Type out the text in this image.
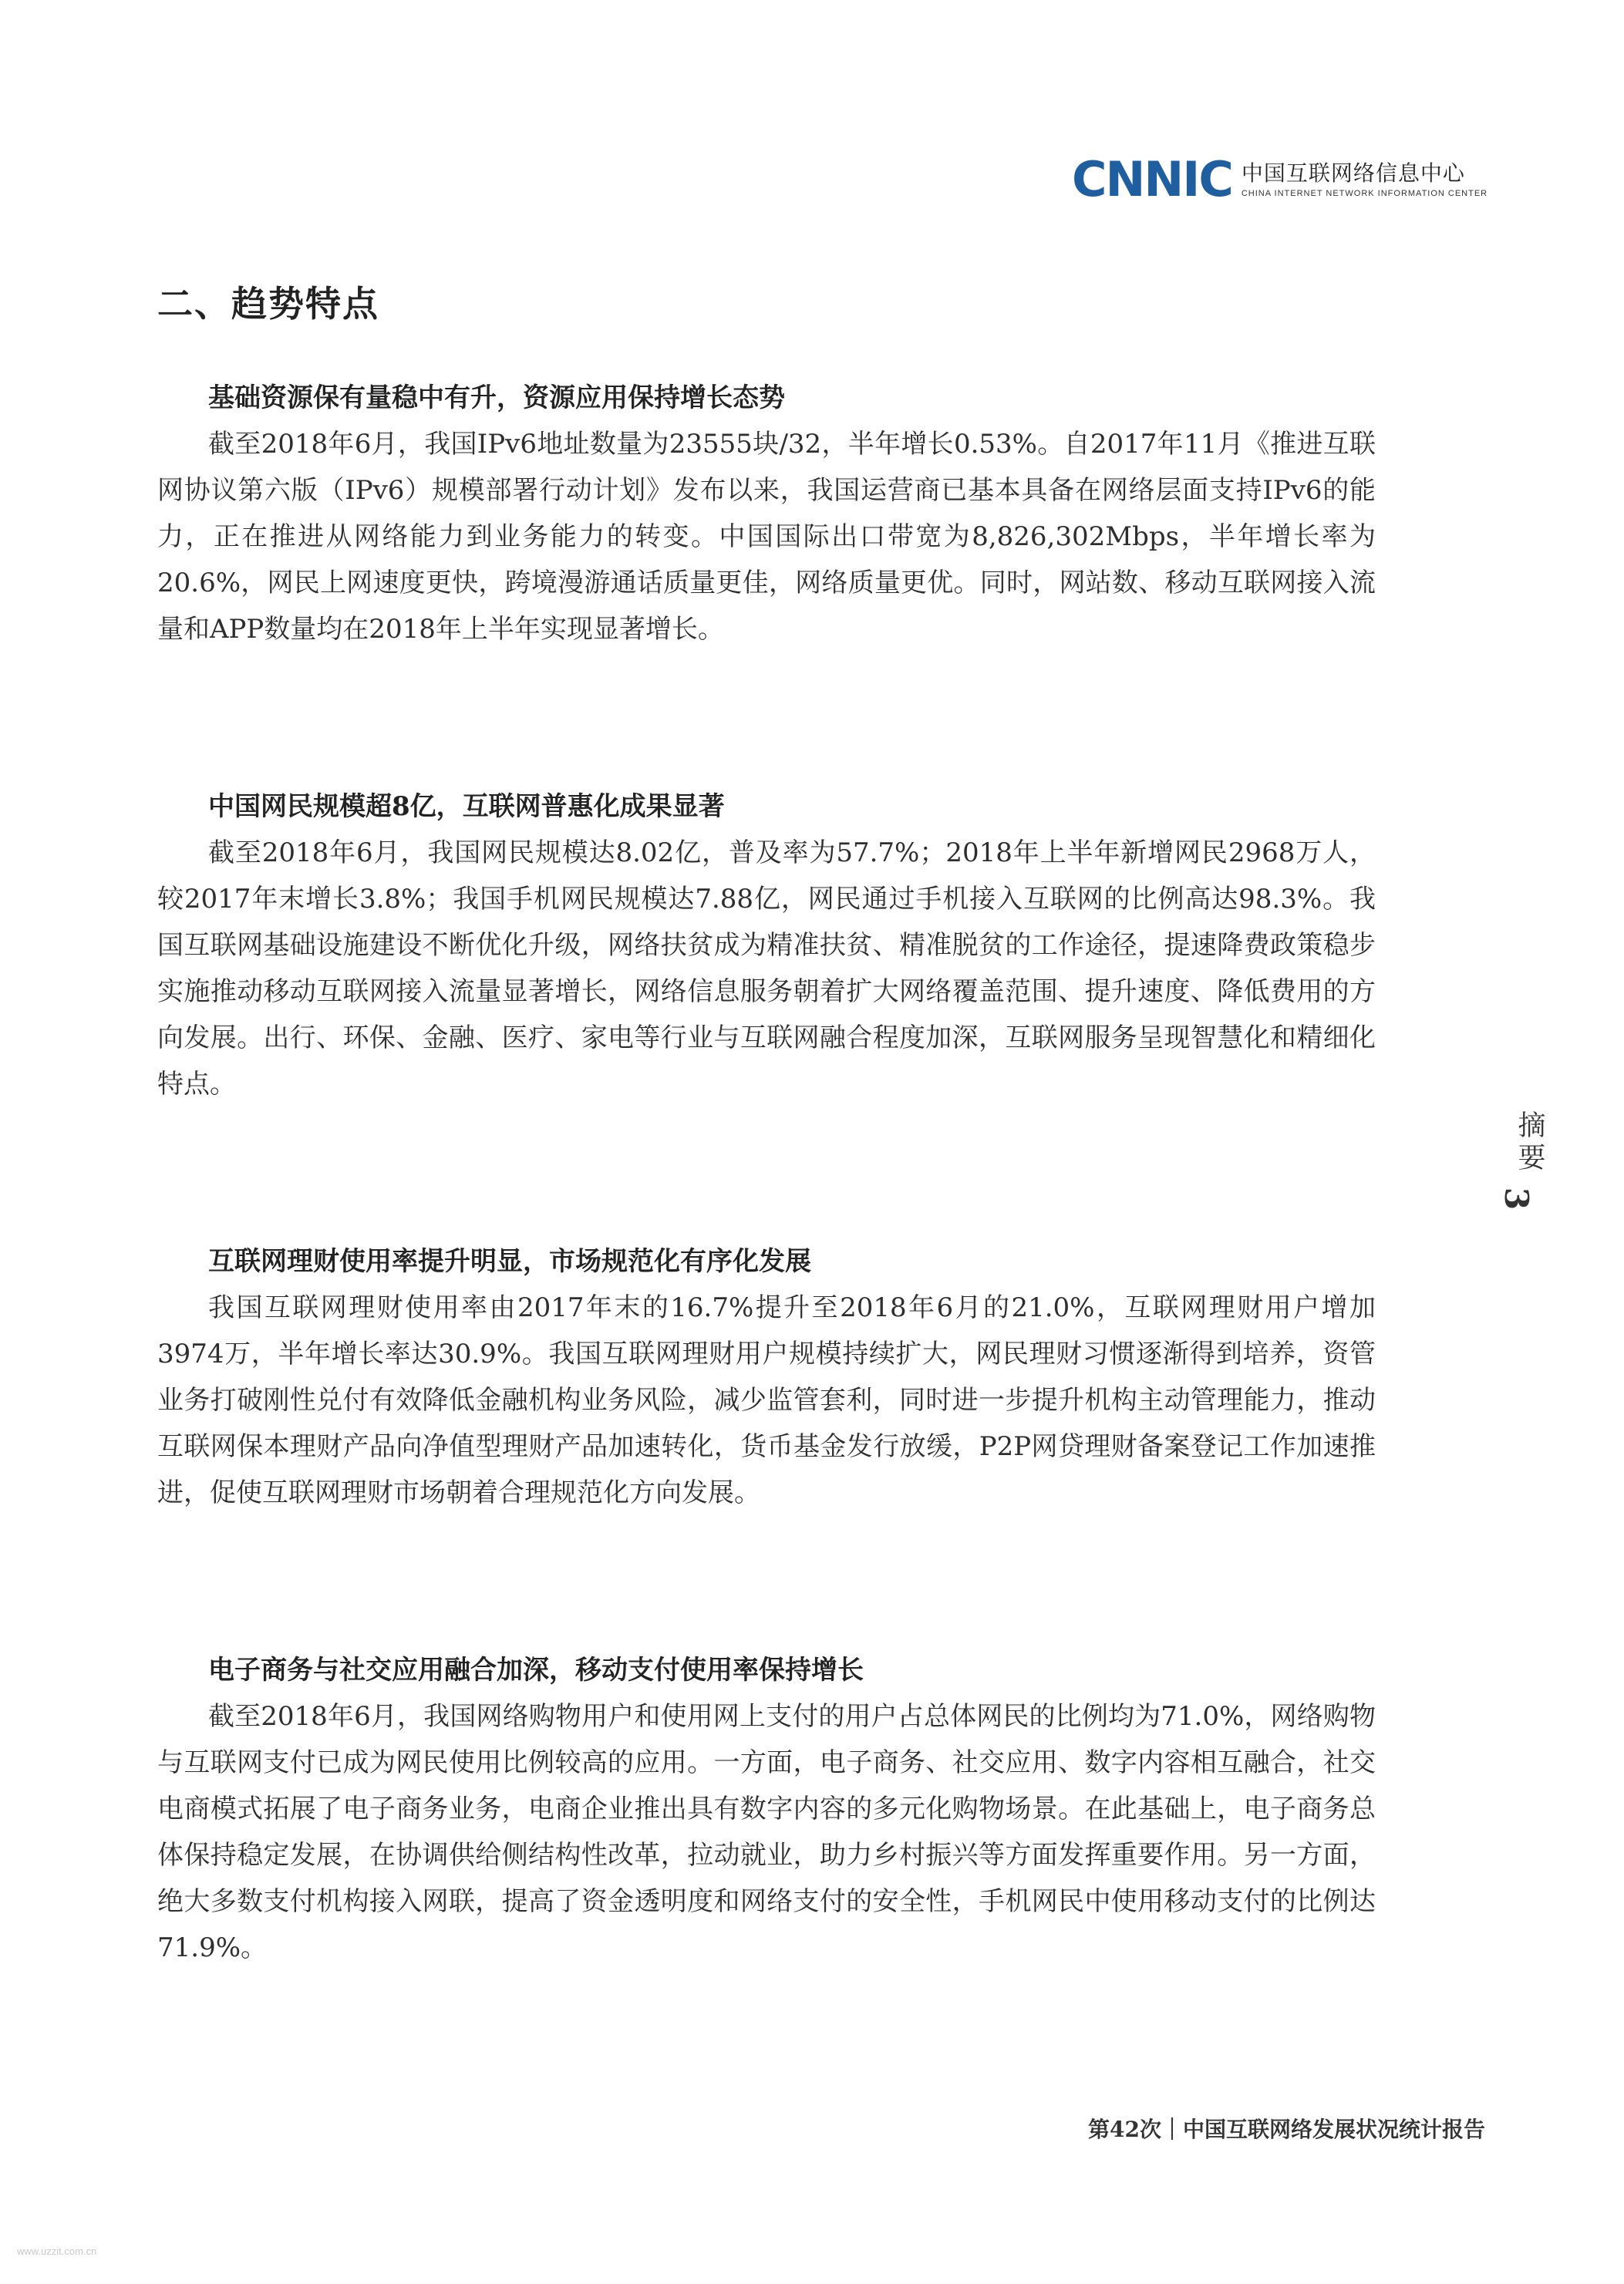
CNNIC 中国互联网络信息中心
CHINA INTERNET NETWORK INFORMATION CENTER
二、趋势特点

基础资源保有量稳中有升，资源应用保持增长态势

截至2018年6月，我国IPv6地址数量为23555块/32，半年增长0.53%。自2017年11月《推进互联网协议第六版（IPv6）规模部署行动计划》发布以来，我国运营商已基本具备在网络层面支持IPv6的能力，正在推进从网络能力到业务能力的转变。中国国际出口带宽为8,826,302Mbps，半年增长率为20.6%，网民上网速度更快，跨境漫游通话质量更佳，网络质量更优。同时，网站数、移动互联网接入流量和APP数量均在2018年上半年实现显著增长。

中国网民规模超8亿，互联网普惠化成果显著

截至2018年6月，我国网民规模达8.02亿，普及率为57.7%；2018年上半年新增网民2968万人，较2017年末增长3.8%；我国手机网民规模达7.88亿，网民通过手机接入互联网的比例高达98.3%。我国互联网基础设施建设不断优化升级，网络扶贫成为精准扶贫、精准脱贫的工作途径，提速降费政策稳步实施推动移动互联网接入流量显著增长，网络信息服务朝着扩大网络覆盖范围、提升速度、降低费用的方向发展。出行、环保、金融、医疗、家电等行业与互联网融合程度加深，互联网服务呈现智慧化和精细化特点。

互联网理财使用率提升明显，市场规范化有序化发展

我国互联网理财使用率由2017年末的16.7%提升至2018年6月的21.0%，互联网理财用户增加3974万，半年增长率达30.9%。我国互联网理财用户规模持续扩大，网民理财习惯逐渐得到培养，资管业务打破刚性兑付有效降低金融机构业务风险，减少监管套利，同时进一步提升机构主动管理能力，推动互联网保本理财产品向净值型理财产品加速转化，货币基金发行放缓，P2P网贷理财备案登记工作加速推进，促使互联网理财市场朝着合理规范化方向发展。

电子商务与社交应用融合加深，移动支付使用率保持增长

截至2018年6月，我国网络购物用户和使用网上支付的用户占总体网民的比例均为71.0%，网络购物与互联网支付已成为网民使用比例较高的应用。一方面，电子商务、社交应用、数字内容相互融合，社交电商模式拓展了电子商务业务，电商企业推出具有数字内容的多元化购物场景。在此基础上，电子商务总体保持稳定发展，在协调供给侧结构性改革，拉动就业，助力乡村振兴等方面发挥重要作用。另一方面，绝大多数支付机构接入网联，提高了资金透明度和网络支付的安全性，手机网民中使用移动支付的比例达71.9%。

摘要
3
第42次｜中国互联网络发展状况统计报告
www.uzzit.com.cn
